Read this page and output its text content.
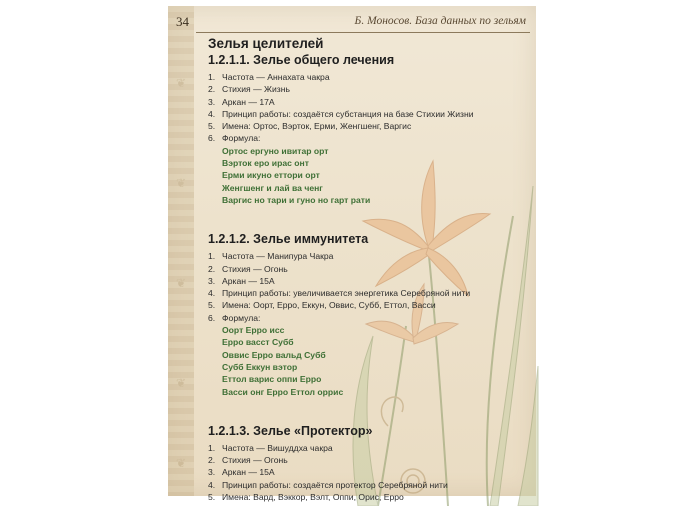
❦
❦
❦
❦
❦
34	Б. Моносов. База данных по зельям
Зелья целителей
1.2.1.1. Зелье общего лечения
1. Частота — Аннахата чакра
2. Стихия — Жизнь
3. Аркан — 17А
4. Принцип работы: создаётся субстанция на базе Стихии Жизни
5. Имена: Ортос, Вэрток, Ерми, Женгшенг, Варгис
6. Формула:
Ортос ергуно ивитар орт
Вэрток еро ирас онт
Ерми икуно еттори орт
Женгшенг и лай ва ченг
Варгис но тари и гуно но гарт рати
1.2.1.2. Зелье иммунитета
1. Частота — Манипура Чакра
2. Стихия — Огонь
3. Аркан — 15А
4. Принцип работы: увеличивается энергетика Серебряной нити
5. Имена: Оорт, Ерро, Еккун, Оввис, Субб, Еттол, Васси
6. Формула:
Оорт Ерро исс
Ерро васст Субб
Оввис Ерро вальд Субб
Субб Еккун вэтор
Еттол варис оппи Ерро
Васси онг Ерро Еттол оррис
1.2.1.3. Зелье «Протектор»
1. Частота — Вишуддха чакра
2. Стихия — Огонь
3. Аркан — 15А
4. Принцип работы: создаётся протектор Серебряной нити
5. Имена: Вард, Вэккор, Вэлт, Оппи, Орис, Ерро
